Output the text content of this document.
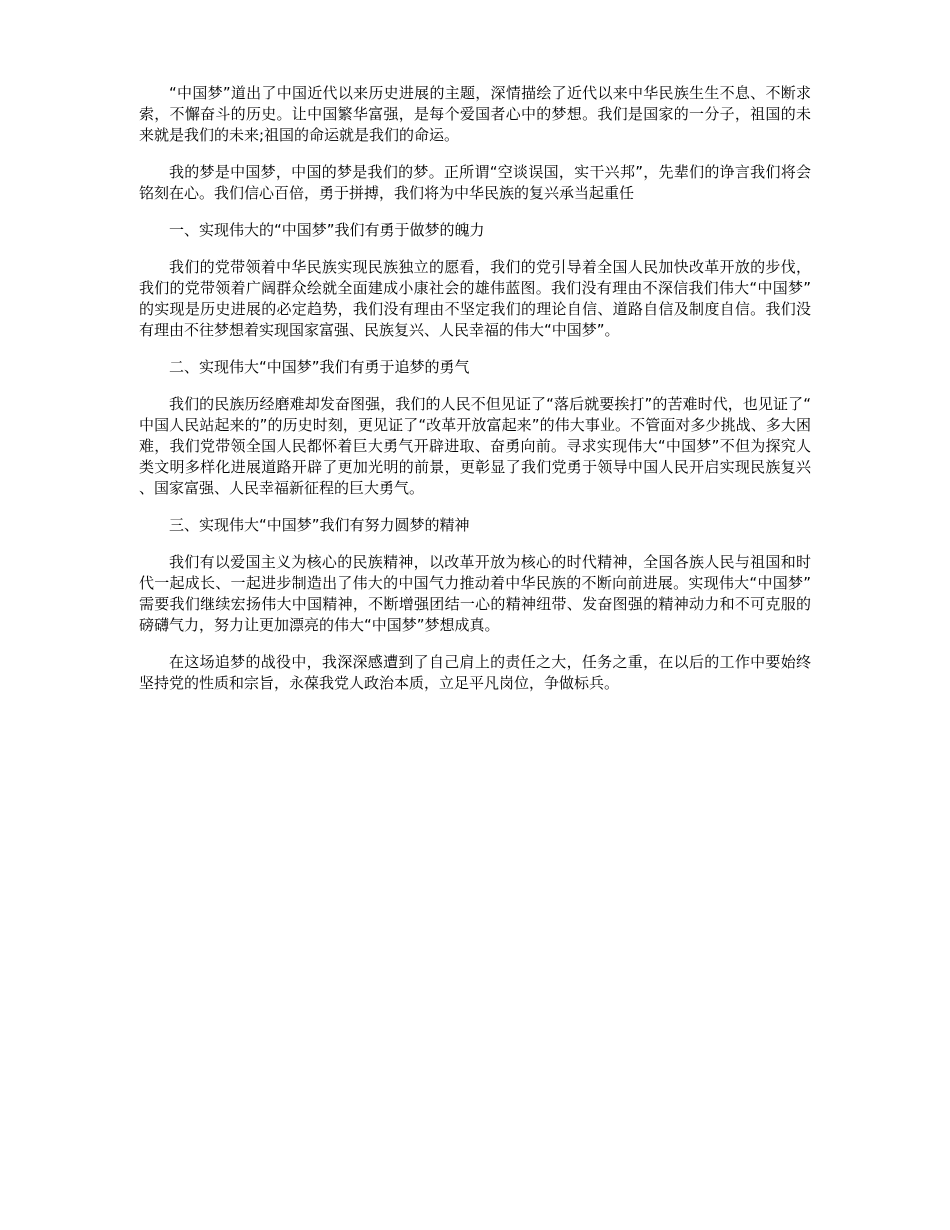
“中国梦”道出了中国近代以来历史进展的主题，深情描绘了近代以来中华民族生生不息、不断求索，不懈奋斗的历史。让中国繁华富强，是每个爱国者心中的梦想。我们是国家的一分子，祖国的未来就是我们的未来;祖国的命运就是我们的命运。

我的梦是中国梦，中国的梦是我们的梦。正所谓“空谈误国，实干兴邦”，先辈们的诤言我们将会铭刻在心。我们信心百倍，勇于拼搏，我们将为中华民族的复兴承当起重任

一、实现伟大的“中国梦”我们有勇于做梦的魄力

我们的党带领着中华民族实现民族独立的愿看，我们的党引导着全国人民加快改革开放的步伐，我们的党带领着广阔群众绘就全面建成小康社会的雄伟蓝图。我们没有理由不深信我们伟大“中国梦”的实现是历史进展的必定趋势，我们没有理由不坚定我们的理论自信、道路自信及制度自信。我们没有理由不往梦想着实现国家富强、民族复兴、人民幸福的伟大“中国梦”。

二、实现伟大“中国梦”我们有勇于追梦的勇气

我们的民族历经磨难却发奋图强，我们的人民不但见证了“落后就要挨打”的苦难时代，也见证了“中国人民站起来的”的历史时刻，更见证了“改革开放富起来”的伟大事业。不管面对多少挑战、多大困难，我们党带领全国人民都怀着巨大勇气开辟进取、奋勇向前。寻求实现伟大“中国梦”不但为探究人类文明多样化进展道路开辟了更加光明的前景，更彰显了我们党勇于领导中国人民开启实现民族复兴、国家富强、人民幸福新征程的巨大勇气。

三、实现伟大“中国梦”我们有努力圆梦的精神

我们有以爱国主义为核心的民族精神，以改革开放为核心的时代精神，全国各族人民与祖国和时代一起成长、一起进步制造出了伟大的中国气力推动着中华民族的不断向前进展。实现伟大“中国梦”需要我们继续宏扬伟大中国精神，不断增强团结一心的精神纽带、发奋图强的精神动力和不可克服的磅礴气力，努力让更加漂亮的伟大“中国梦”梦想成真。

在这场追梦的战役中，我深深感遭到了自己肩上的责任之大，任务之重，在以后的工作中要始终坚持党的性质和宗旨，永葆我党人政治本质，立足平凡岗位，争做标兵。
